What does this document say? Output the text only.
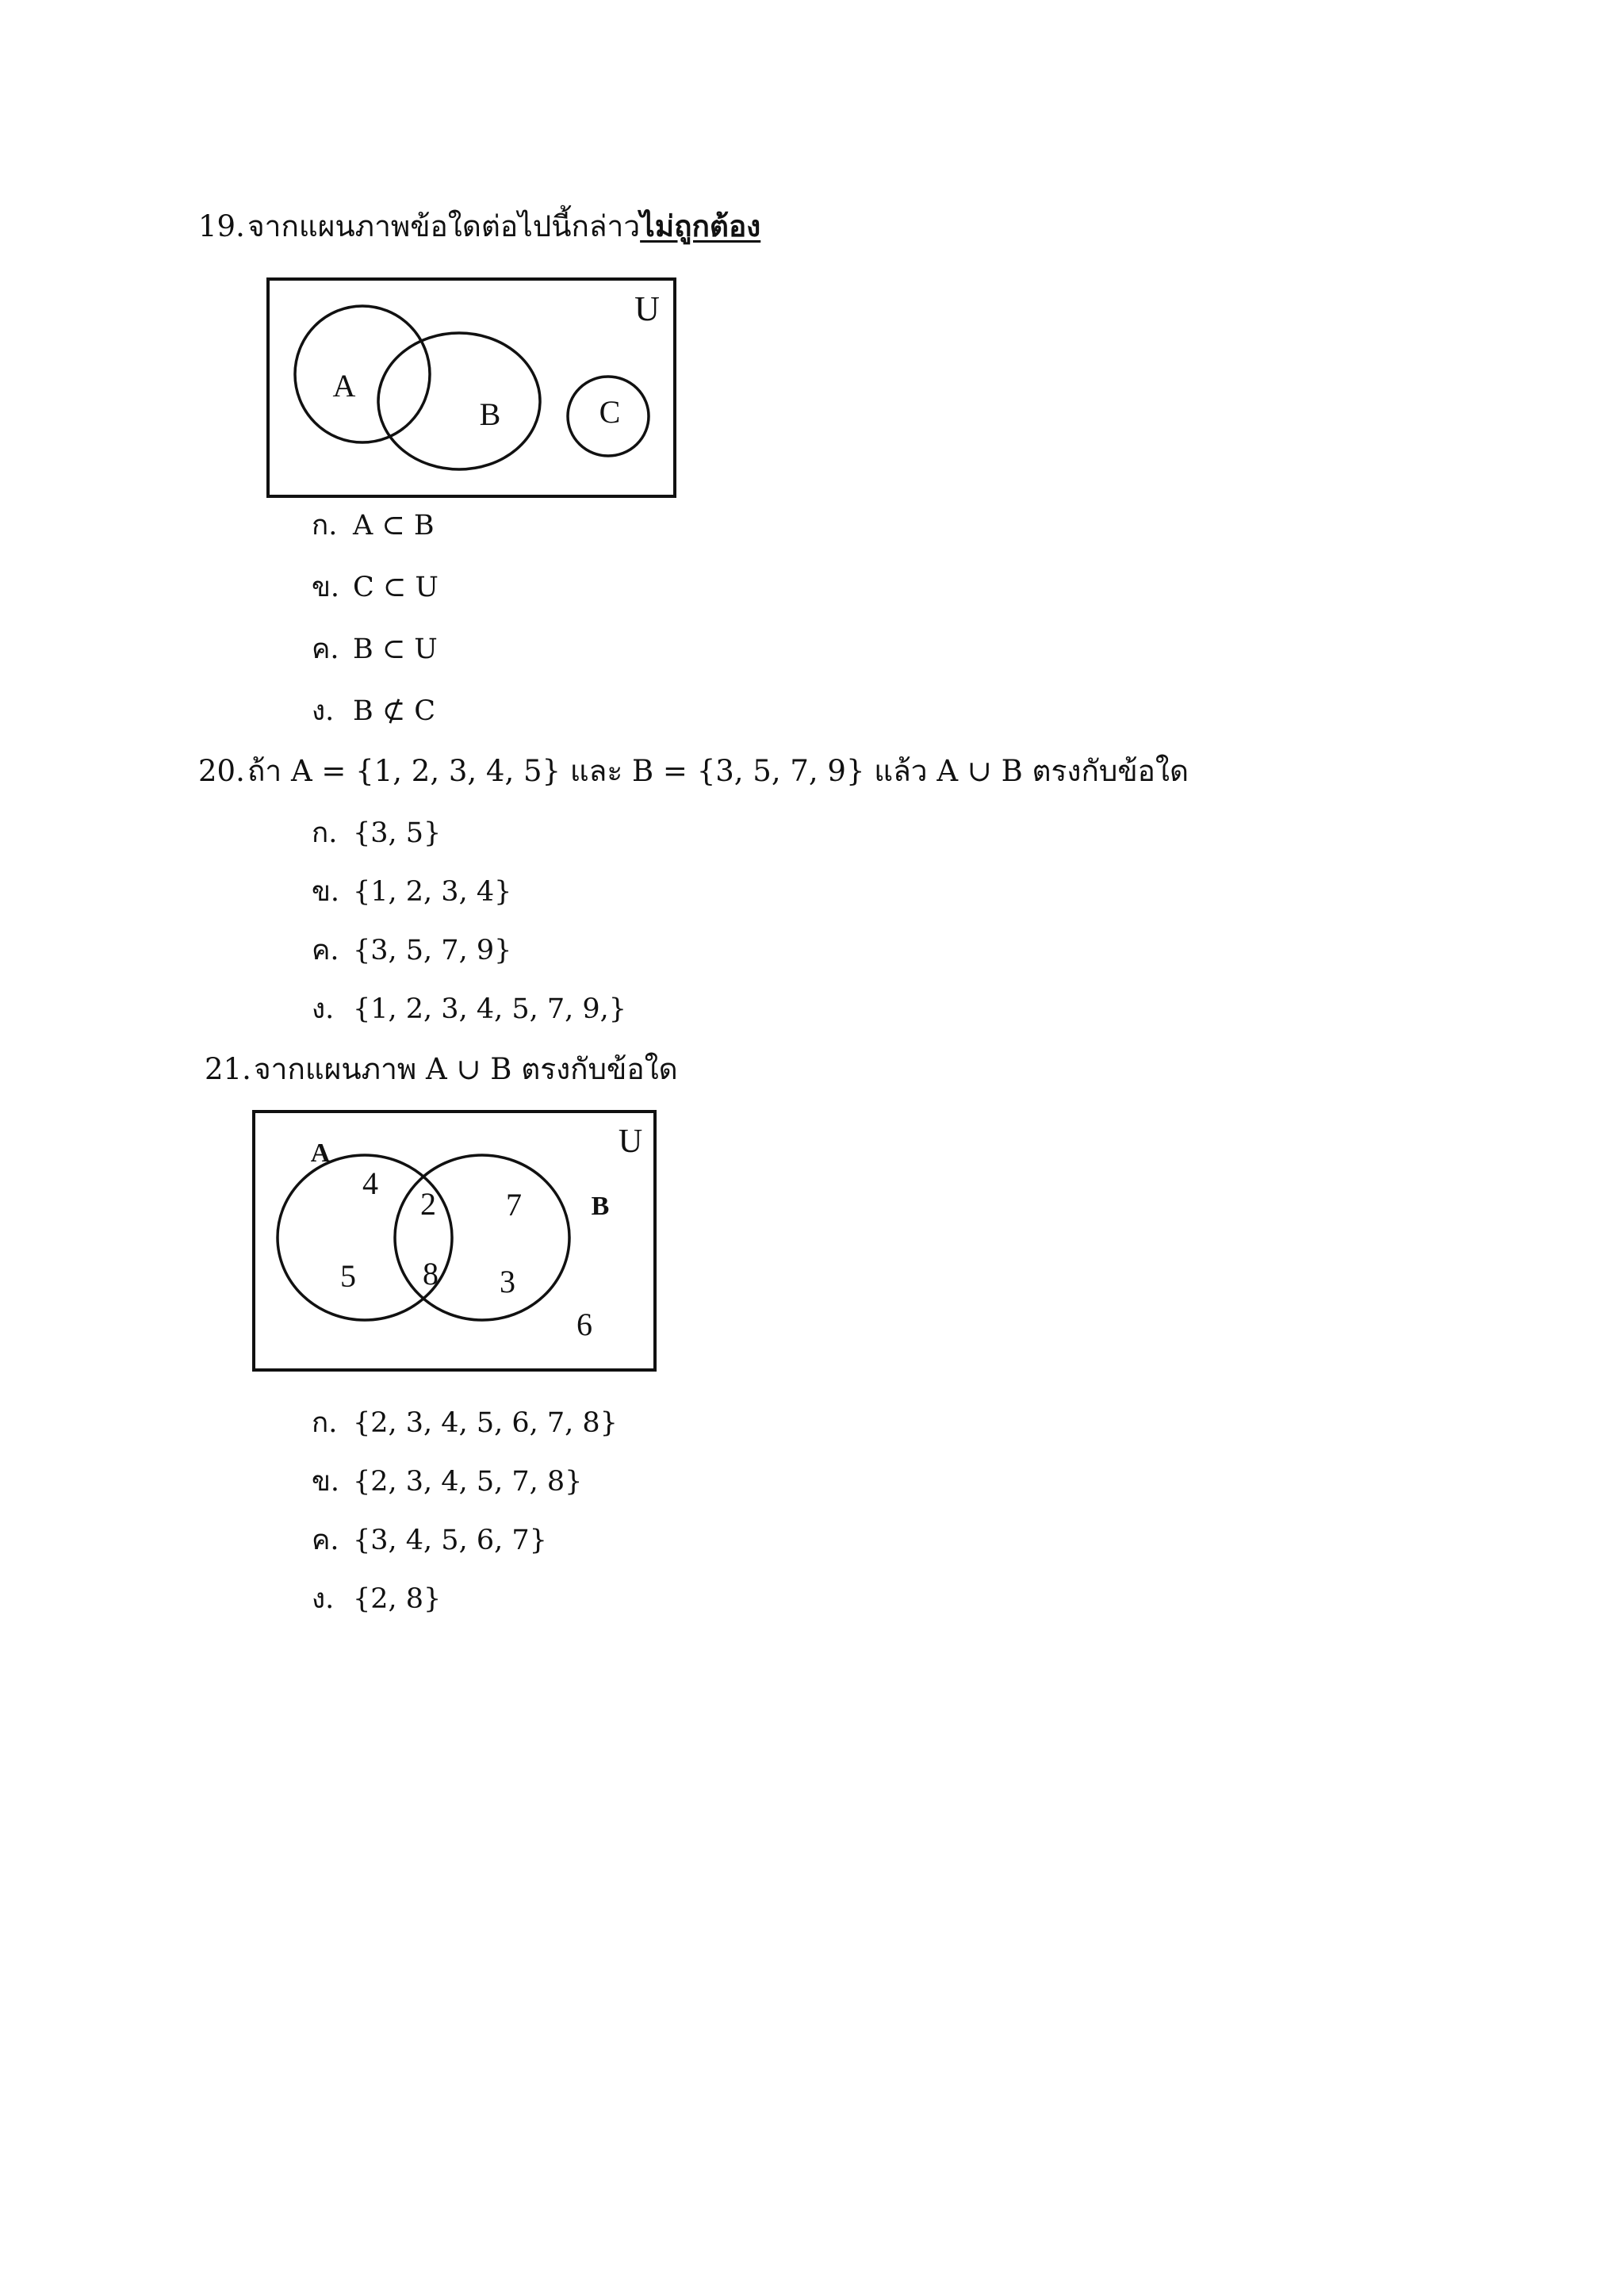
19.จากแผนภาพข้อใดต่อไปนี้กล่าวไม่ถูกต้อง

U
A
B	C

ก. A ⊂ B

ข. C ⊂ U

ค. B ⊂ U

ง. B ⊄ C

20.ถ้า A = {1, 2, 3, 4, 5} และ B = {3, 5, 7, 9} แล้ว A ∪ B ตรงกับข้อใด

ก. {3, 5}

ข. {1, 2, 3, 4}

ค. {3, 5, 7, 9}

ง. {1, 2, 3, 4, 5, 7, 9,}

21.จากแผนภาพ A ∪ B ตรงกับข้อใด

U
A
B
4
5
2
8
7
3
6

ก. {2, 3, 4, 5, 6, 7, 8}

ข. {2, 3, 4, 5, 7, 8}

ค. {3, 4, 5, 6, 7}

ง. {2, 8}
